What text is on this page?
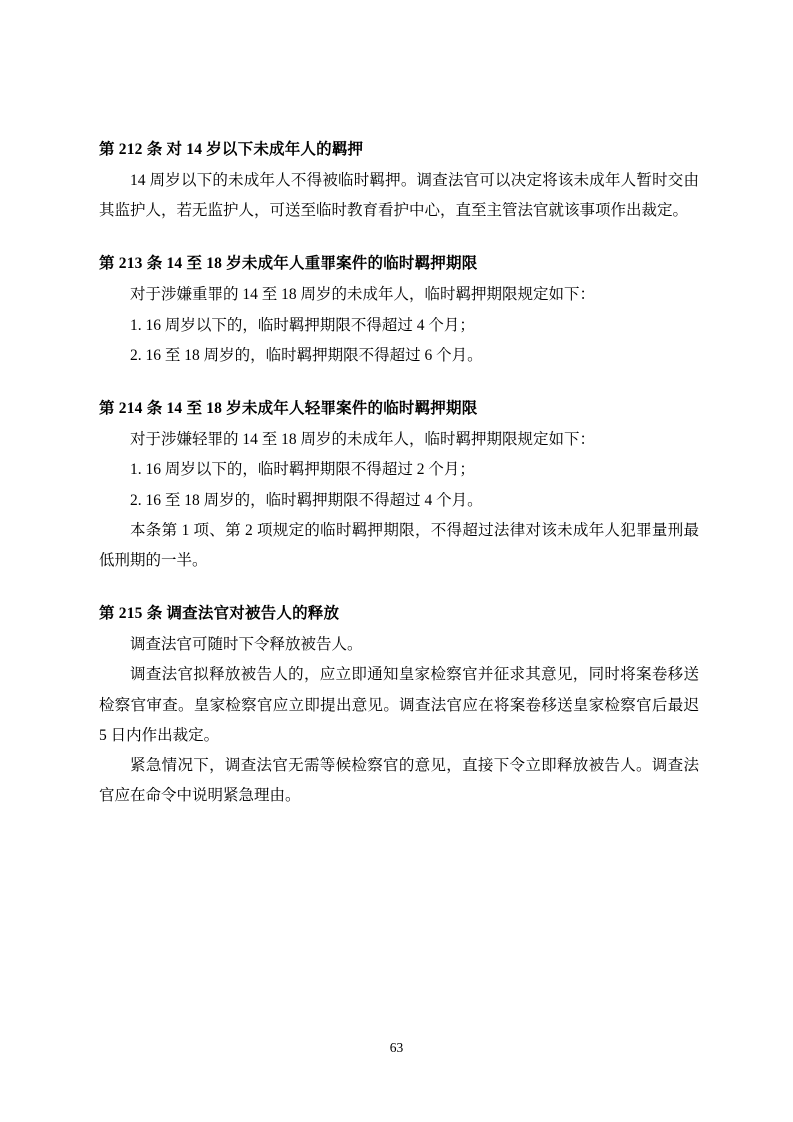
第 212 条 对 14 岁以下未成年人的羁押

14 周岁以下的未成年人不得被临时羁押。调查法官可以决定将该未成年人暂时交由其监护人，若无监护人，可送至临时教育看护中心，直至主管法官就该事项作出裁定。

第 213 条 14 至 18 岁未成年人重罪案件的临时羁押期限

对于涉嫌重罪的 14 至 18 周岁的未成年人，临时羁押期限规定如下：

1. 16 周岁以下的，临时羁押期限不得超过 4 个月；

2. 16 至 18 周岁的，临时羁押期限不得超过 6 个月。

第 214 条 14 至 18 岁未成年人轻罪案件的临时羁押期限

对于涉嫌轻罪的 14 至 18 周岁的未成年人，临时羁押期限规定如下：

1. 16 周岁以下的，临时羁押期限不得超过 2 个月；

2. 16 至 18 周岁的，临时羁押期限不得超过 4 个月。

本条第 1 项、第 2 项规定的临时羁押期限，不得超过法律对该未成年人犯罪量刑最低刑期的一半。

第 215 条 调查法官对被告人的释放

调查法官可随时下令释放被告人。

调查法官拟释放被告人的，应立即通知皇家检察官并征求其意见，同时将案卷移送检察官审查。皇家检察官应立即提出意见。调查法官应在将案卷移送皇家检察官后最迟 5 日内作出裁定。

紧急情况下，调查法官无需等候检察官的意见，直接下令立即释放被告人。调查法官应在命令中说明紧急理由。

63
